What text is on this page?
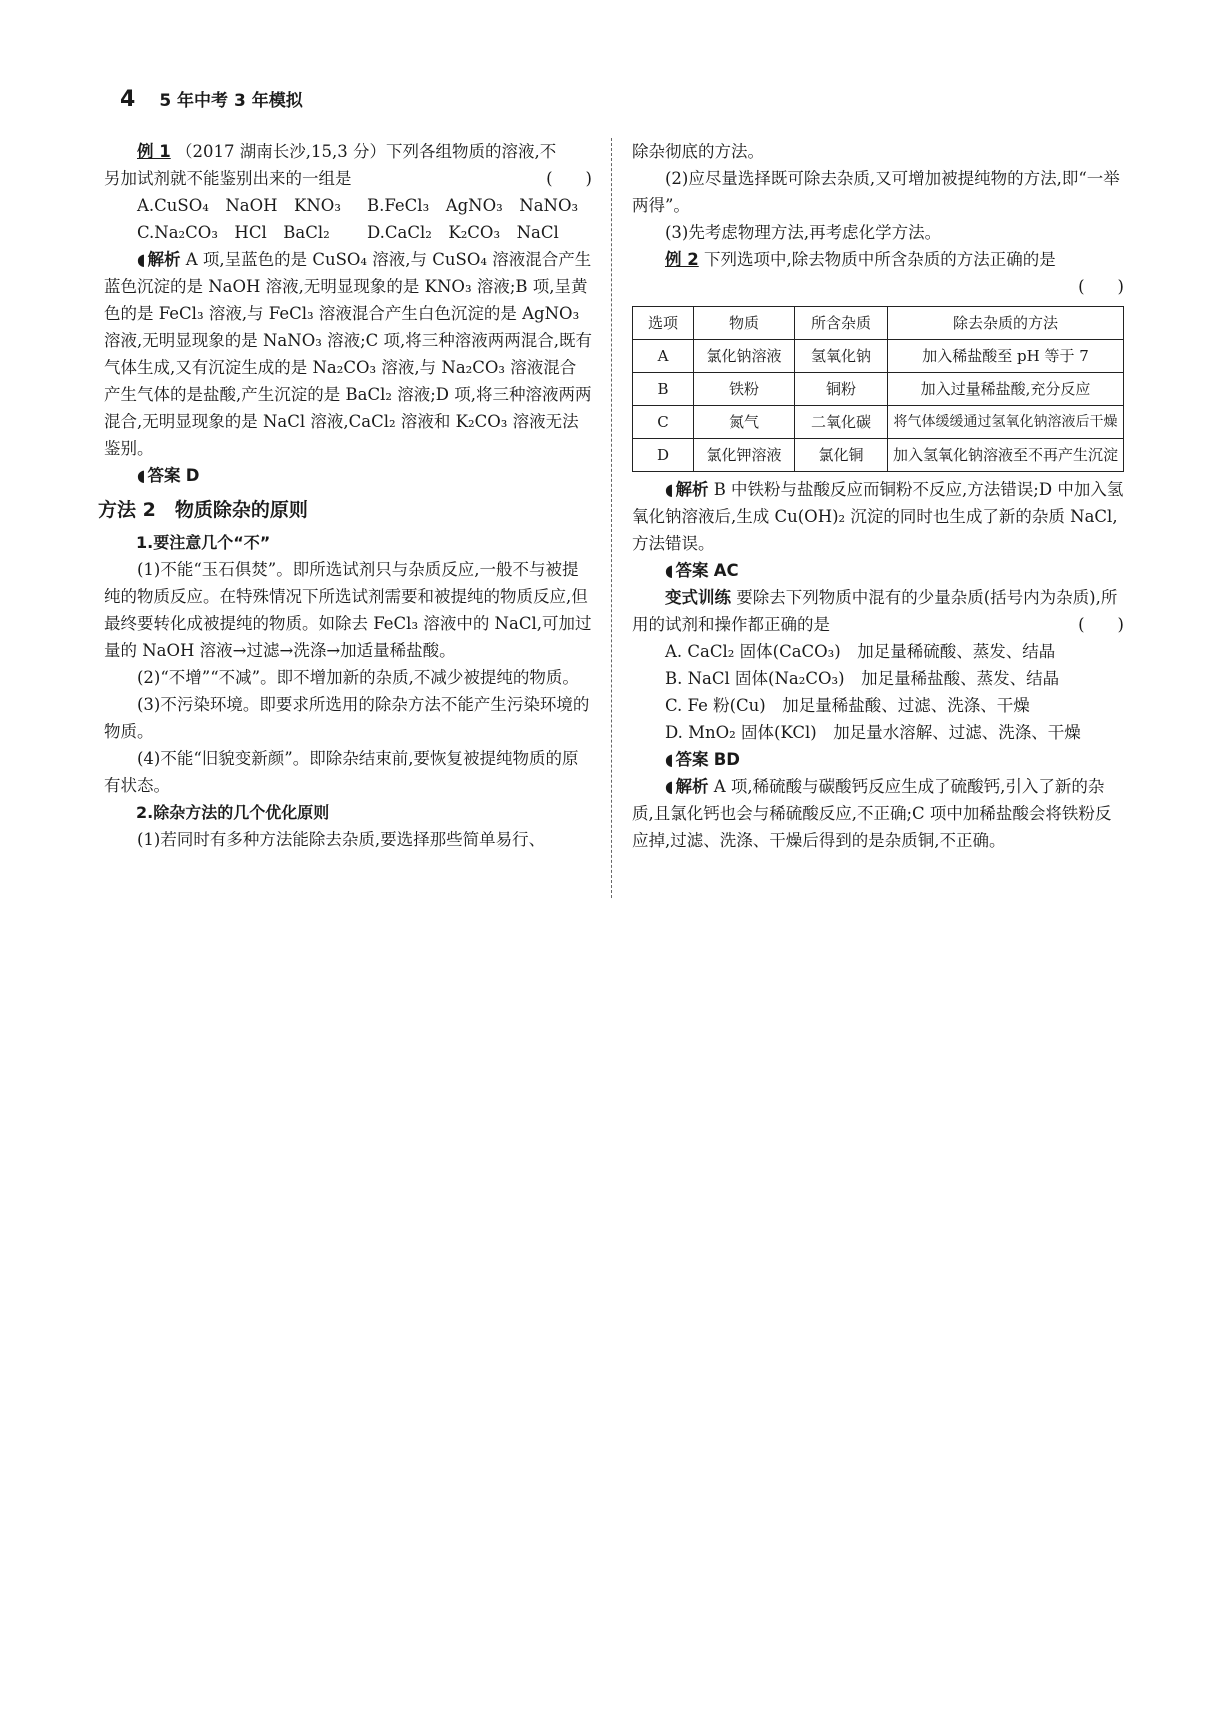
4 5 年中考 3 年模拟

例 1 （2017 湖南长沙,15,3 分）下列各组物质的溶液,不

另加试剂就不能鉴别出来的一组是	(　　)

A.CuSO₄　NaOH　KNO₃	B.FeCl₃　AgNO₃　NaNO₃
C.Na₂CO₃　HCl　BaCl₂	D.CaCl₂　K₂CO₃　NaCl

◖ 解析 A 项,呈蓝色的是 CuSO₄ 溶液,与 CuSO₄ 溶液混合产生蓝色沉淀的是 NaOH 溶液,无明显现象的是 KNO₃ 溶液;B 项,呈黄色的是 FeCl₃ 溶液,与 FeCl₃ 溶液混合产生白色沉淀的是 AgNO₃ 溶液,无明显现象的是 NaNO₃ 溶液;C 项,将三种溶液两两混合,既有气体生成,又有沉淀生成的是 Na₂CO₃ 溶液,与 Na₂CO₃ 溶液混合产生气体的是盐酸,产生沉淀的是 BaCl₂ 溶液;D 项,将三种溶液两两混合,无明显现象的是 NaCl 溶液,CaCl₂ 溶液和 K₂CO₃ 溶液无法鉴别。

◖ 答案 D

方法 2　物质除杂的原则

1.要注意几个“不”

(1)不能“玉石俱焚”。即所选试剂只与杂质反应,一般不与被提纯的物质反应。在特殊情况下所选试剂需要和被提纯的物质反应,但最终要转化成被提纯的物质。如除去 FeCl₃ 溶液中的 NaCl,可加过量的 NaOH 溶液→过滤→洗涤→加适量稀盐酸。

(2)“不增”“不减”。即不增加新的杂质,不减少被提纯的物质。

(3)不污染环境。即要求所选用的除杂方法不能产生污染环境的物质。

(4)不能“旧貌变新颜”。即除杂结束前,要恢复被提纯物质的原有状态。

2.除杂方法的几个优化原则

(1)若同时有多种方法能除去杂质,要选择那些简单易行、

除杂彻底的方法。

(2)应尽量选择既可除去杂质,又可增加被提纯物的方法,即“一举两得”。

(3)先考虑物理方法,再考虑化学方法。

例 2 下列选项中,除去物质中所含杂质的方法正确的是

(　　)

选项	物质	所含杂质	除去杂质的方法
A	氯化钠溶液	氢氧化钠	加入稀盐酸至 pH 等于 7
B	铁粉	铜粉	加入过量稀盐酸,充分反应
C	氮气	二氧化碳	将气体缓缓通过氢氧化钠溶液后干燥
D	氯化钾溶液	氯化铜	加入氢氧化钠溶液至不再产生沉淀

◖ 解析 B 中铁粉与盐酸反应而铜粉不反应,方法错误;D 中加入氢氧化钠溶液后,生成 Cu(OH)₂ 沉淀的同时也生成了新的杂质 NaCl,方法错误。

◖ 答案 AC

变式训练 要除去下列物质中混有的少量杂质(括号内为杂质),所用的试剂和操作都正确的是	(　　)

A. CaCl₂ 固体(CaCO₃)　加足量稀硫酸、蒸发、结晶

B. NaCl 固体(Na₂CO₃)　加足量稀盐酸、蒸发、结晶

C. Fe 粉(Cu)　加足量稀盐酸、过滤、洗涤、干燥

D. MnO₂ 固体(KCl)　加足量水溶解、过滤、洗涤、干燥

◖ 答案 BD

◖ 解析 A 项,稀硫酸与碳酸钙反应生成了硫酸钙,引入了新的杂质,且氯化钙也会与稀硫酸反应,不正确;C 项中加稀盐酸会将铁粉反应掉,过滤、洗涤、干燥后得到的是杂质铜,不正确。
